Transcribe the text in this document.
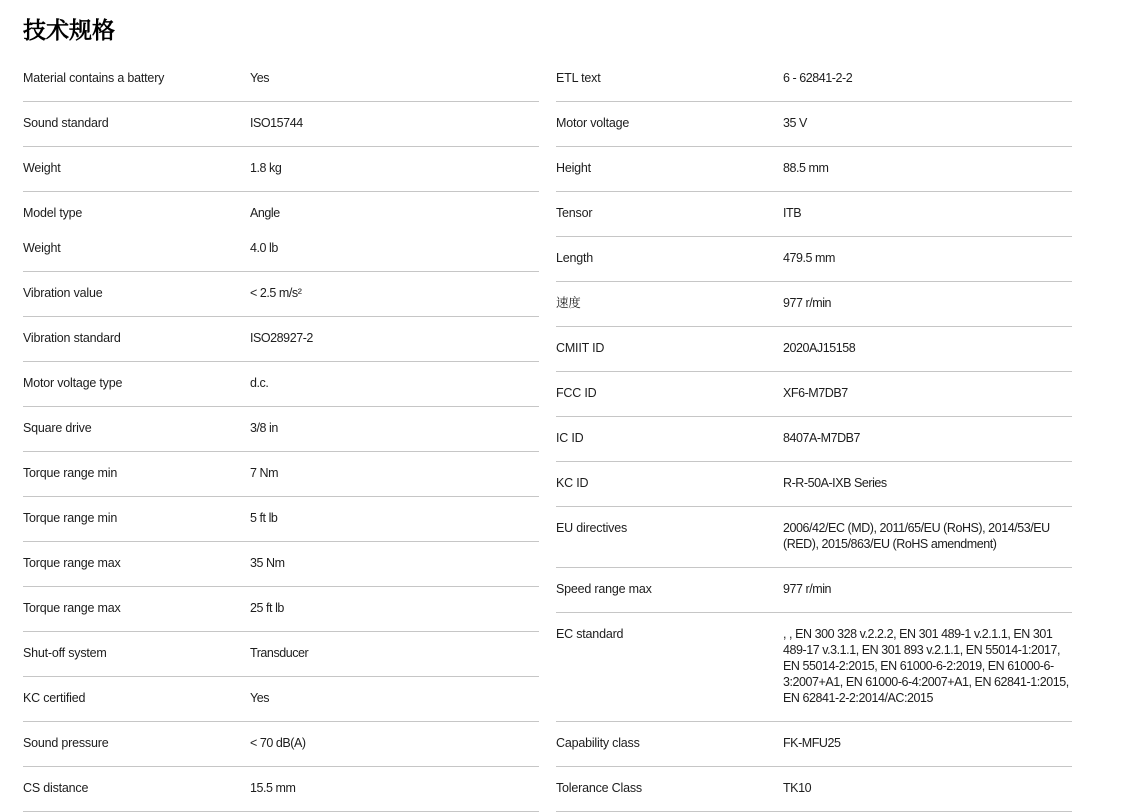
技术规格
Material contains a battery	Yes
Sound standard	ISO15744
Weight	1.8 kg
Model type	Angle
Weight	4.0 lb
Vibration value	< 2.5 m/s²
Vibration standard	ISO28927-2
Motor voltage type	d.c.
Square drive	3/8 in
Torque range min	7 Nm
Torque range min	5 ft lb
Torque range max	35 Nm
Torque range max	25 ft lb
Shut-off system	Transducer
KC certified	Yes
Sound pressure	< 70 dB(A)
CS distance	15.5 mm
ETL text	6 - 62841-2-2
Motor voltage	35 V
Height	88.5 mm
Tensor	ITB
Length	479.5 mm
速度	977 r/min
CMIIT ID	2020AJ15158
FCC ID	XF6-M7DB7
IC ID	8407A-M7DB7
KC ID	R-R-50A-IXB Series
EU directives	2006/42/EC (MD), 2011/65/EU (RoHS), 2014/53/EU (RED), 2015/863/EU (RoHS amendment)
Speed range max	977 r/min
EC standard	, , EN 300 328 v.2.2.2, EN 301 489-1 v.2.1.1, EN 301 489-17 v.3.1.1, EN 301 893 v.2.1.1, EN 55014-1:2017, EN 55014-2:2015, EN 61000-6-2:2019, EN 61000-6-3:2007+A1, EN 61000-6-4:2007+A1, EN 62841-1:2015, EN 62841-2-2:2014/AC:2015
Capability class	FK-MFU25
Tolerance Class	TK10
